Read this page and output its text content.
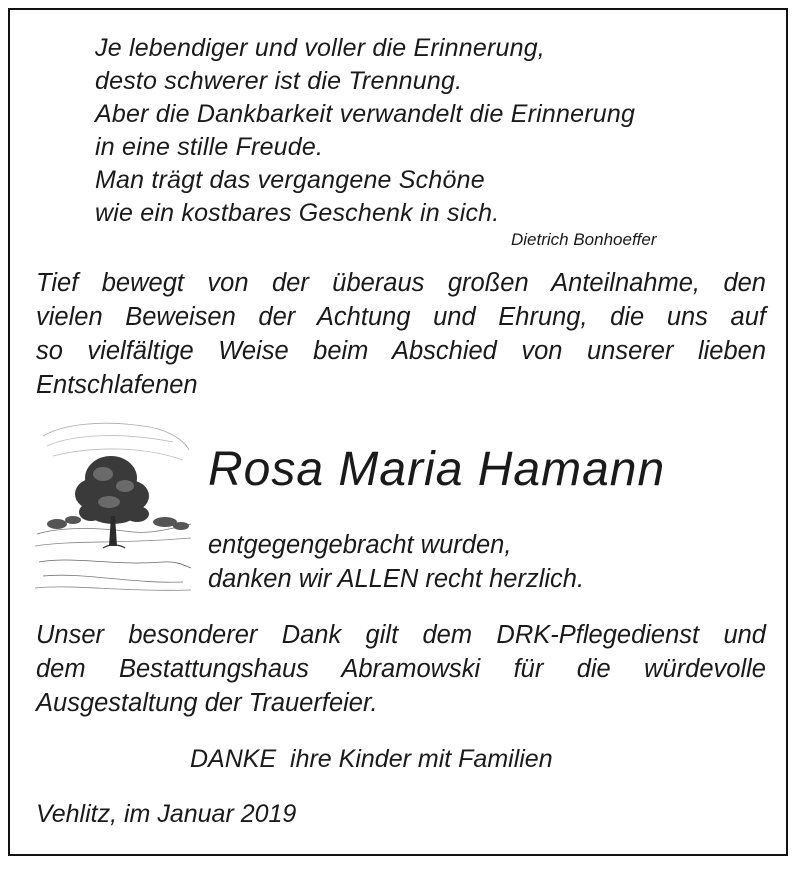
Je lebendiger und voller die Erinnerung,
desto schwerer ist die Trennung.
Aber die Dankbarkeit verwandelt die Erinnerung
in eine stille Freude.
Man trägt das vergangene Schöne
wie ein kostbares Geschenk in sich.

Dietrich Bonhoeffer

Tief bewegt von der überaus großen Anteilnahme, den
vielen Beweisen der Achtung und Ehrung, die uns auf
so vielfältige Weise beim Abschied von unserer lieben
Entschlafenen

Rosa Maria Hamann

entgegengebracht wurden,
danken wir ALLEN recht herzlich.

Unser besonderer Dank gilt dem DRK-Pflegedienst und
dem Bestattungshaus Abramowski für die würdevolle
Ausgestaltung der Trauerfeier.

DANKE  ihre Kinder mit Familien
Vehlitz, im Januar 2019
